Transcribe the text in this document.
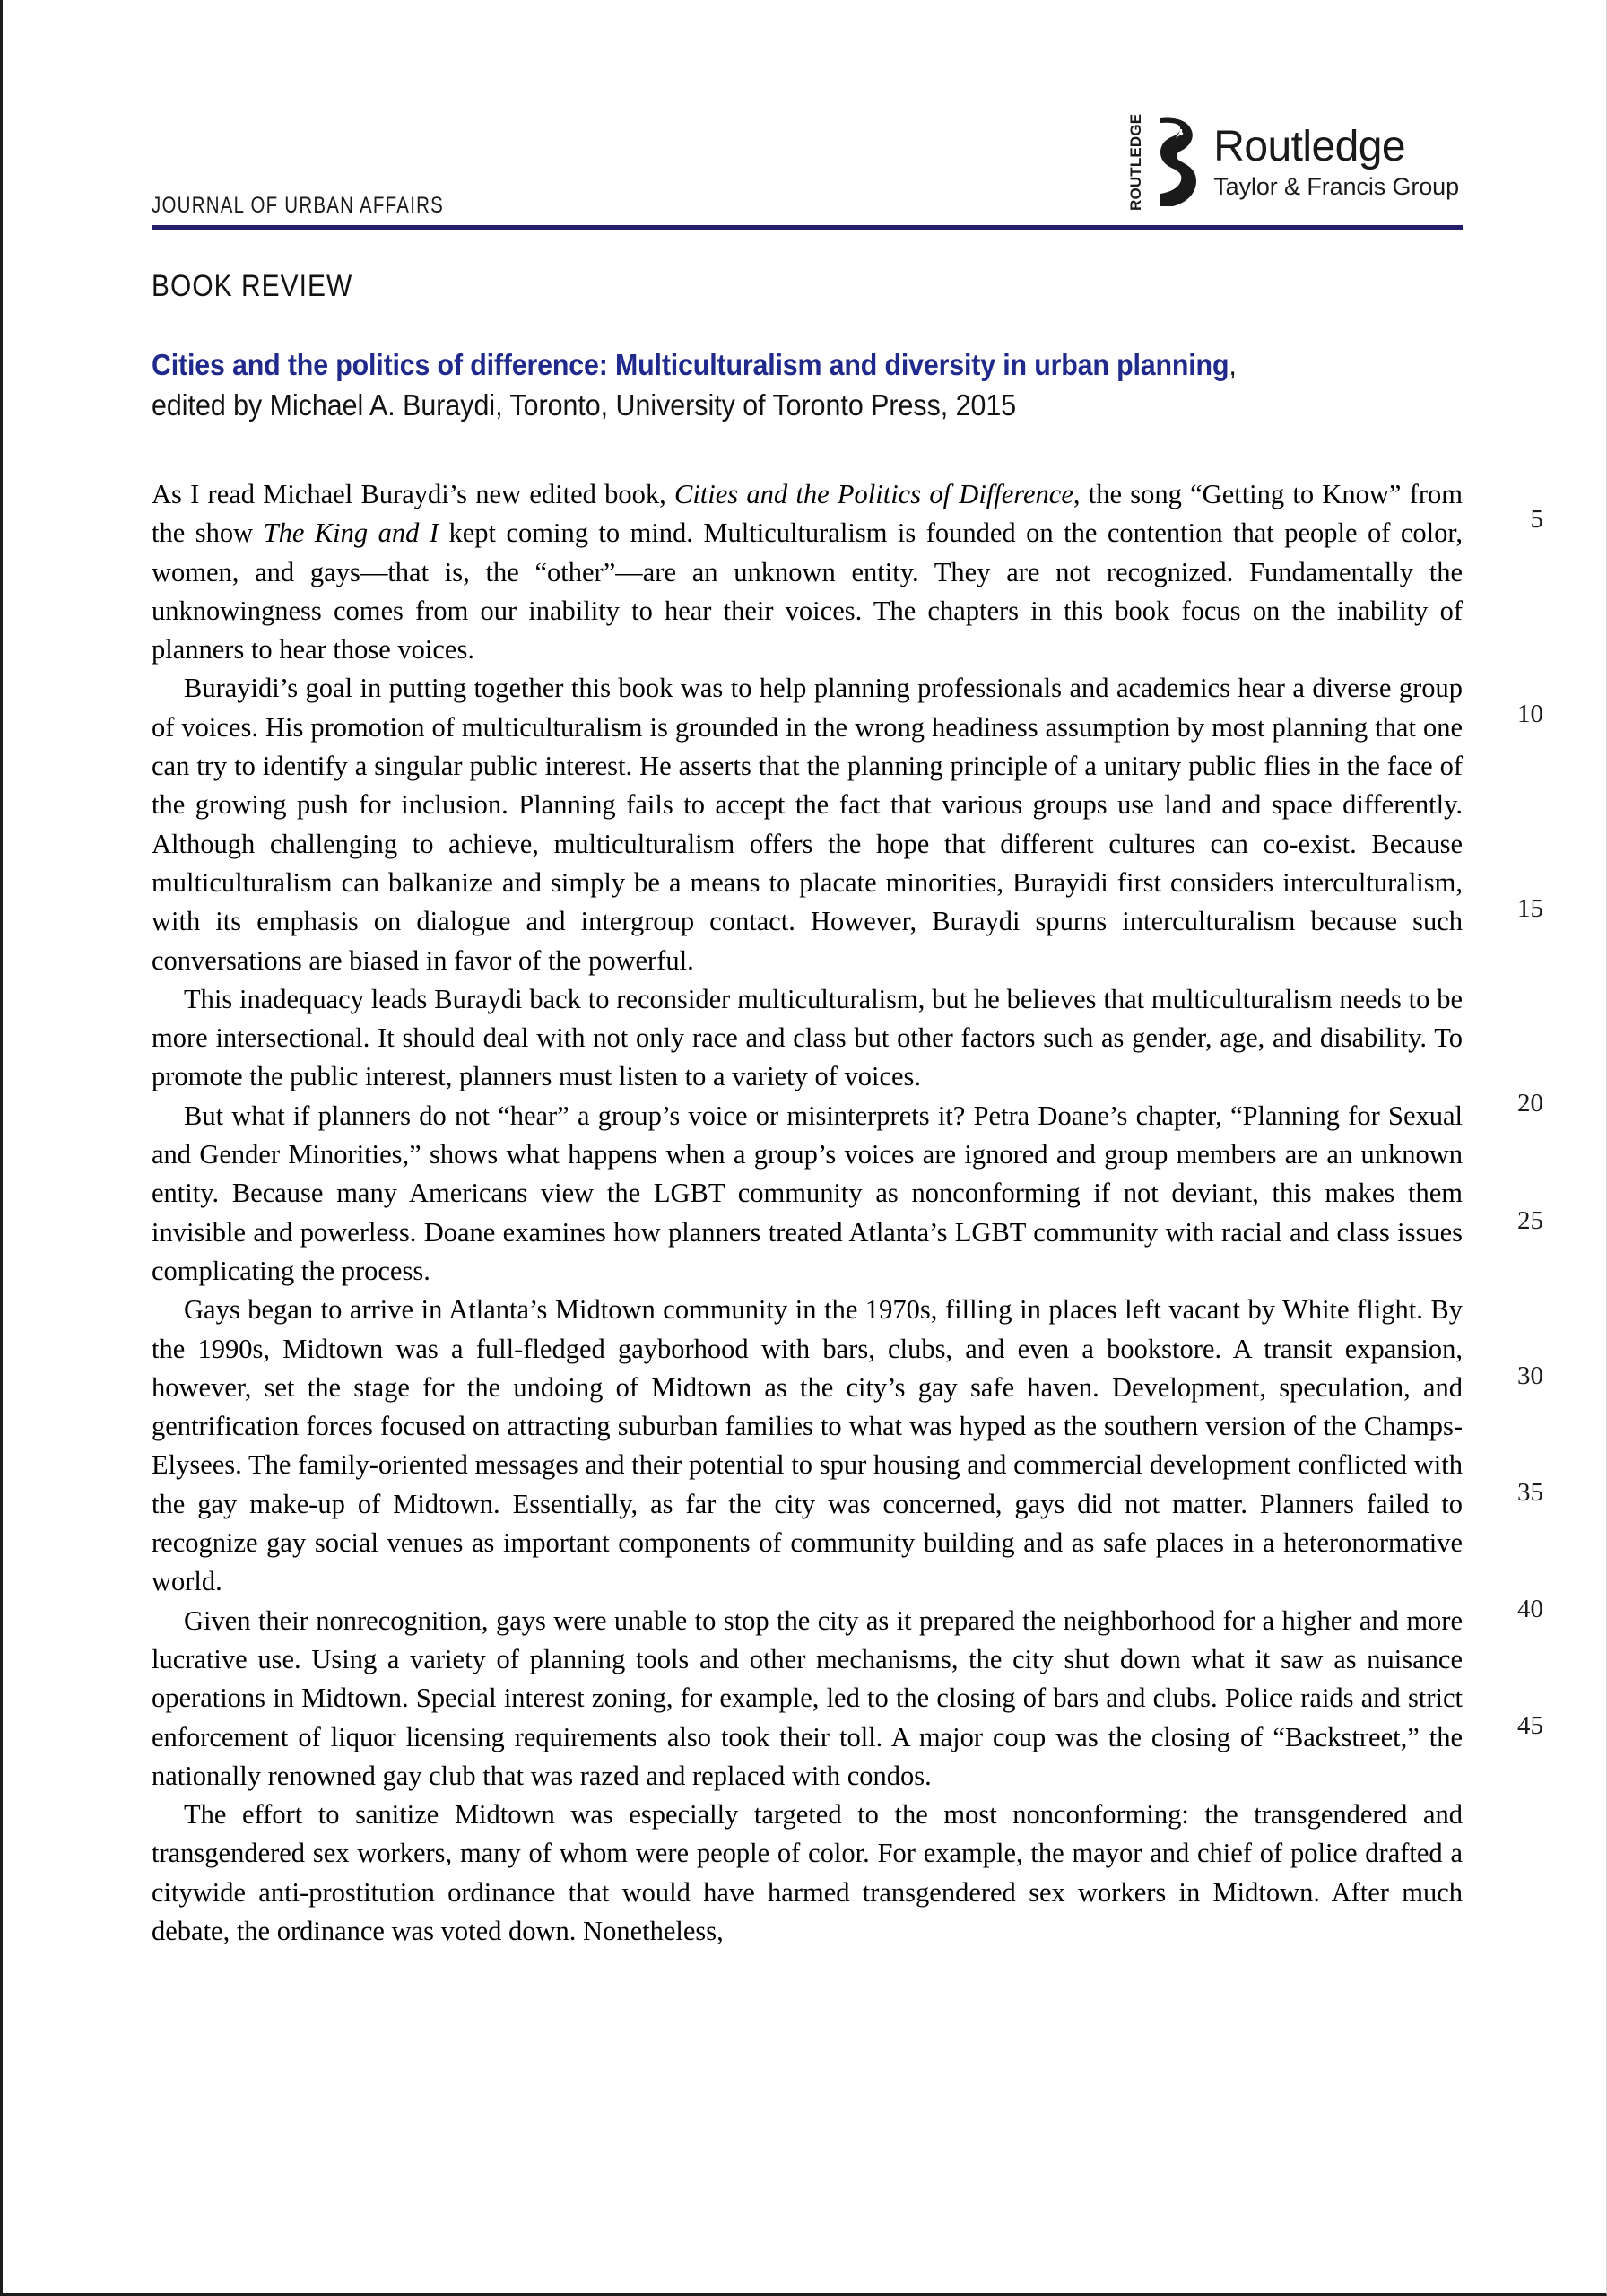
JOURNAL OF URBAN AFFAIRS	ROUTLEDGE Routledge
Taylor & Francis Group
BOOK REVIEW
Cities and the politics of difference: Multiculturalism and diversity in urban planning,
edited by Michael A. Buraydi, Toronto, University of Toronto Press, 2015

As I read Michael Buraydi’s new edited book, Cities and the Politics of Difference, the song “Getting to Know” from the show The King and I kept coming to mind. Multiculturalism is founded on the contention that people of color, women, and gays—that is, the “other”—are an unknown entity. They are not recognized. Fundamentally the unknowingness comes from our inability to hear their voices. The chapters in this book focus on the inability of planners to hear those voices.

Burayidi’s goal in putting together this book was to help planning professionals and academics hear a diverse group of voices. His promotion of multiculturalism is grounded in the wrong headiness assumption by most planning that one can try to identify a singular public interest. He asserts that the planning principle of a unitary public flies in the face of the growing push for inclusion. Planning fails to accept the fact that various groups use land and space differently. Although challenging to achieve, multiculturalism offers the hope that different cultures can co-exist. Because multiculturalism can balkanize and simply be a means to placate minorities, Burayidi first considers interculturalism, with its emphasis on dialogue and intergroup contact. However, Buraydi spurns interculturalism because such conversations are biased in favor of the powerful.

This inadequacy leads Buraydi back to reconsider multiculturalism, but he believes that multiculturalism needs to be more intersectional. It should deal with not only race and class but other factors such as gender, age, and disability. To promote the public interest, planners must listen to a variety of voices.

But what if planners do not “hear” a group’s voice or misinterprets it? Petra Doane’s chapter, “Planning for Sexual and Gender Minorities,” shows what happens when a group’s voices are ignored and group members are an unknown entity. Because many Americans view the LGBT community as nonconforming if not deviant, this makes them invisible and powerless. Doane examines how planners treated Atlanta’s LGBT community with racial and class issues complicating the process.

Gays began to arrive in Atlanta’s Midtown community in the 1970s, filling in places left vacant by White flight. By the 1990s, Midtown was a full-fledged gayborhood with bars, clubs, and even a bookstore. A transit expansion, however, set the stage for the undoing of Midtown as the city’s gay safe haven. Development, speculation, and gentrification forces focused on attracting suburban families to what was hyped as the southern version of the Champs-Elysees. The family-oriented messages and their potential to spur housing and commercial development conflicted with the gay make-up of Midtown. Essentially, as far the city was concerned, gays did not matter. Planners failed to recognize gay social venues as important components of community building and as safe places in a heteronormative world.

Given their nonrecognition, gays were unable to stop the city as it prepared the neighborhood for a higher and more lucrative use. Using a variety of planning tools and other mechanisms, the city shut down what it saw as nuisance operations in Midtown. Special interest zoning, for example, led to the closing of bars and clubs. Police raids and strict enforcement of liquor licensing requirements also took their toll. A major coup was the closing of “Backstreet,” the nationally renowned gay club that was razed and replaced with condos.

The effort to sanitize Midtown was especially targeted to the most nonconforming: the transgendered and transgendered sex workers, many of whom were people of color. For example, the mayor and chief of police drafted a citywide anti-prostitution ordinance that would have harmed transgendered sex workers in Midtown. After much debate, the ordinance was voted down. Nonetheless,

5
10
15
20
25
30
35
40
45
